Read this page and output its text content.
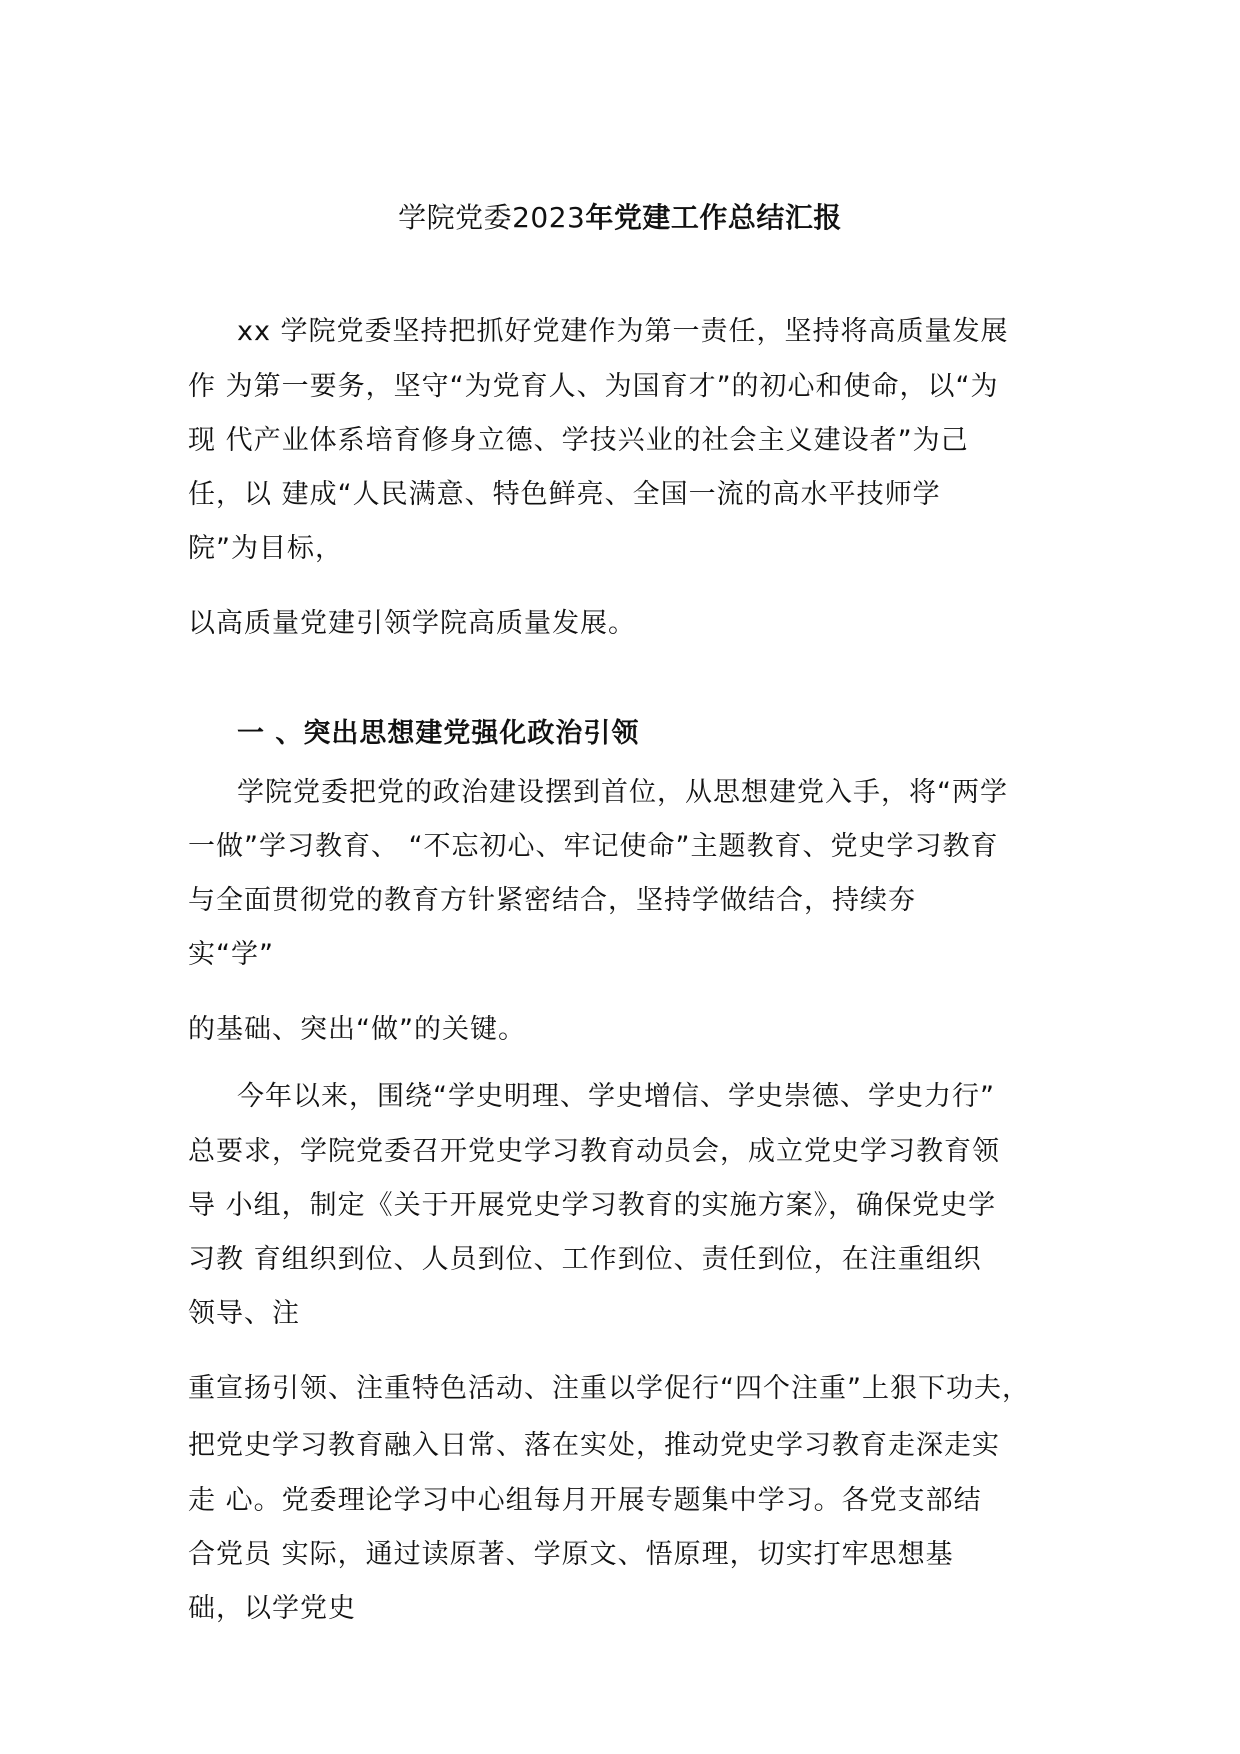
学院党委2023年党建工作总结汇报
xx 学院党委坚持把抓好党建作为第一责任，坚持将高质量发展
作 为第一要务，坚守“为党育人、为国育才”的初心和使命，以“为
现 代产业体系培育修身立德、学技兴业的社会主义建设者”为己
任，以 建成“人民满意、特色鲜亮、全国一流的高水平技师学
院”为目标，
以高质量党建引领学院高质量发展。
一 、突出思想建党强化政治引领
学院党委把党的政治建设摆到首位，从思想建党入手，将“两学
一做”学习教育、 “不忘初心、牢记使命”主题教育、党史学习教育
与全面贯彻党的教育方针紧密结合，坚持学做结合，持续夯
实“学”
的基础、突出“做”的关键。
今年以来，围绕“学史明理、学史增信、学史崇德、学史力行”
总要求，学院党委召开党史学习教育动员会，成立党史学习教育领
导 小组，制定《关于开展党史学习教育的实施方案》，确保党史学
习教 育组织到位、人员到位、工作到位、责任到位，在注重组织
领导、注
重宣扬引领、注重特色活动、注重以学促行“四个注重”上狠下功夫，
把党史学习教育融入日常、落在实处，推动党史学习教育走深走实
走 心。党委理论学习中心组每月开展专题集中学习。各党支部结
合党员 实际，通过读原著、学原文、悟原理，切实打牢思想基
础，以学党史
